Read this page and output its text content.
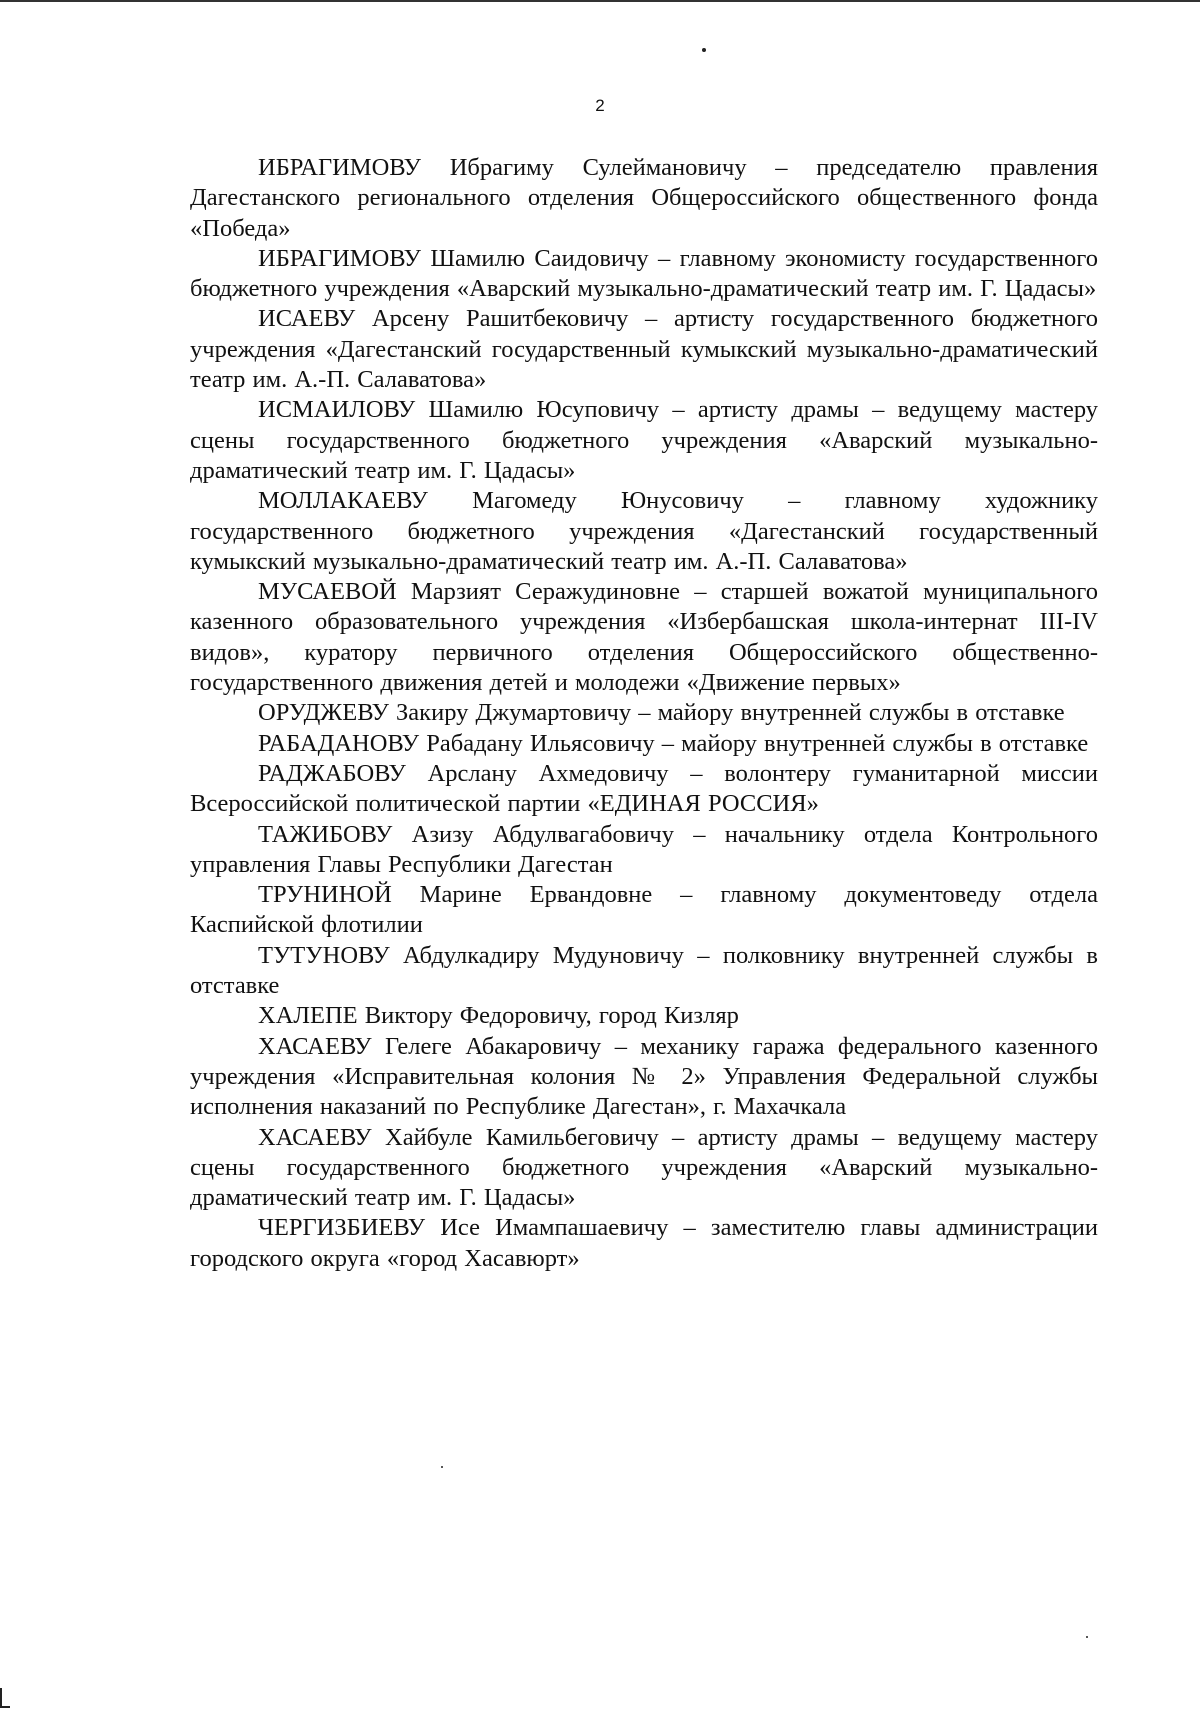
2

ИБРАГИМОВУ Ибрагиму Сулеймановичу – председателю правления Дагестанского регионального отделения Общероссийского общественного фонда «Победа»

ИБРАГИМОВУ Шамилю Саидовичу – главному экономисту государственного бюджетного учреждения «Аварский музыкально-драматический театр им. Г. Цадасы»

ИСАЕВУ Арсену Рашитбековичу – артисту государственного бюджетного учреждения «Дагестанский государственный кумыкский музыкально-драматический театр им. А.-П. Салаватова»

ИСМАИЛОВУ Шамилю Юсуповичу – артисту драмы – ведущему мастеру сцены государственного бюджетного учреждения «Аварский музыкально-драматический театр им. Г. Цадасы»

МОЛЛАКАЕВУ Магомеду Юнусовичу – главному художнику государственного бюджетного учреждения «Дагестанский государственный кумыкский музыкально-драматический театр им. А.-П. Салаватова»

МУСАЕВОЙ Марзият Серажудиновне – старшей вожатой муниципального казенного образовательного учреждения «Избербашская школа-интернат III-IV видов», куратору первичного отделения Общероссийского общественно-государственного движения детей и молодежи «Движение первых»

ОРУДЖЕВУ Закиру Джумартовичу – майору внутренней службы в отставке

РАБАДАНОВУ Рабадану Ильясовичу – майору внутренней службы в отставке

РАДЖАБОВУ Арслану Ахмедовичу – волонтеру гуманитарной миссии Всероссийской политической партии «ЕДИНАЯ РОССИЯ»

ТАЖИБОВУ Азизу Абдулвагабовичу – начальнику отдела Контрольного управления Главы Республики Дагестан

ТРУНИНОЙ Марине Ервандовне – главному документоведу отдела Каспийской флотилии

ТУТУНОВУ Абдулкадиру Мудуновичу – полковнику внутренней службы в отставке

ХАЛЕПЕ Виктору Федоровичу, город Кизляр

ХАСАЕВУ Гелеге Абакаровичу – механику гаража федерального казенного учреждения «Исправительная колония № 2» Управления Федеральной службы исполнения наказаний по Республике Дагестан», г. Махачкала

ХАСАЕВУ Хайбуле Камильбеговичу – артисту драмы – ведущему мастеру сцены государственного бюджетного учреждения «Аварский музыкально-драматический театр им. Г. Цадасы»

ЧЕРГИЗБИЕВУ Исе Имампашаевичу – заместителю главы администрации городского округа «город Хасавюрт»
